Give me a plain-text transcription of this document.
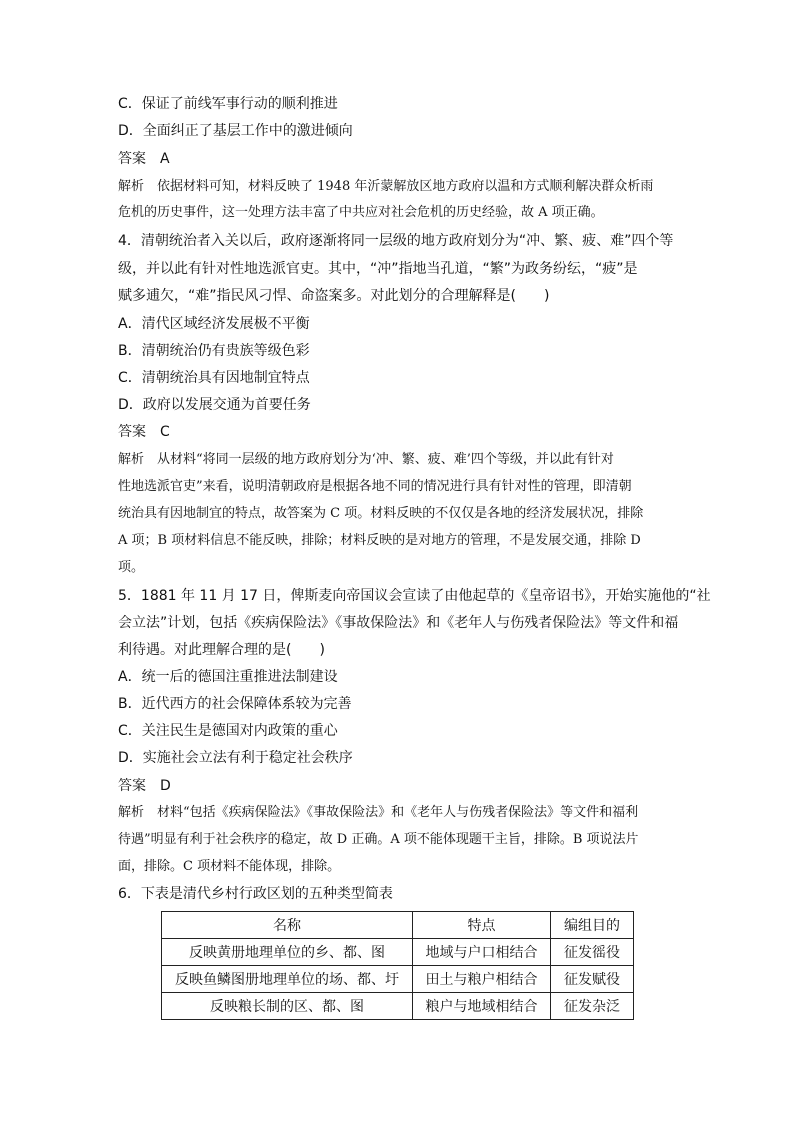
C．保证了前线军事行动的顺利推进
D．全面纠正了基层工作中的激进倾向
答案　A
解析　依据材料可知，材料反映了 1948 年沂蒙解放区地方政府以温和方式顺利解决群众析雨
危机的历史事件，这一处理方法丰富了中共应对社会危机的历史经验，故 A 项正确。
4．清朝统治者入关以后，政府逐渐将同一层级的地方政府划分为“冲、繁、疲、难”四个等
级，并以此有针对性地选派官吏。其中，“冲”指地当孔道，“繁”为政务纷纭，“疲”是
赋多逋欠，“难”指民风刁悍、命盗案多。对此划分的合理解释是(　　)
A．清代区域经济发展极不平衡
B．清朝统治仍有贵族等级色彩
C．清朝统治具有因地制宜特点
D．政府以发展交通为首要任务
答案　C
解析　从材料“将同一层级的地方政府划分为‘冲、繁、疲、难’四个等级，并以此有针对
性地选派官吏”来看，说明清朝政府是根据各地不同的情况进行具有针对性的管理，即清朝
统治具有因地制宜的特点，故答案为 C 项。材料反映的不仅仅是各地的经济发展状况，排除
A 项；B 项材料信息不能反映，排除；材料反映的是对地方的管理，不是发展交通，排除 D
项。
5．1881 年 11 月 17 日，俾斯麦向帝国议会宣读了由他起草的《皇帝诏书》，开始实施他的“社
会立法”计划，包括《疾病保险法》《事故保险法》和《老年人与伤残者保险法》等文件和福
利待遇。对此理解合理的是(　　)
A．统一后的德国注重推进法制建设
B．近代西方的社会保障体系较为完善
C．关注民生是德国对内政策的重心
D．实施社会立法有利于稳定社会秩序
答案　D
解析　材料“包括《疾病保险法》《事故保险法》和《老年人与伤残者保险法》等文件和福利
待遇”明显有利于社会秩序的稳定，故 D 正确。A 项不能体现题干主旨，排除。B 项说法片
面，排除。C 项材料不能体现，排除。
6．下表是清代乡村行政区划的五种类型简表
名称	特点	编组目的
反映黄册地理单位的乡、都、图	地域与户口相结合	征发徭役
反映鱼鳞图册地理单位的场、都、圩	田土与粮户相结合	征发赋役
反映粮长制的区、都、图	粮户与地域相结合	征发杂泛
